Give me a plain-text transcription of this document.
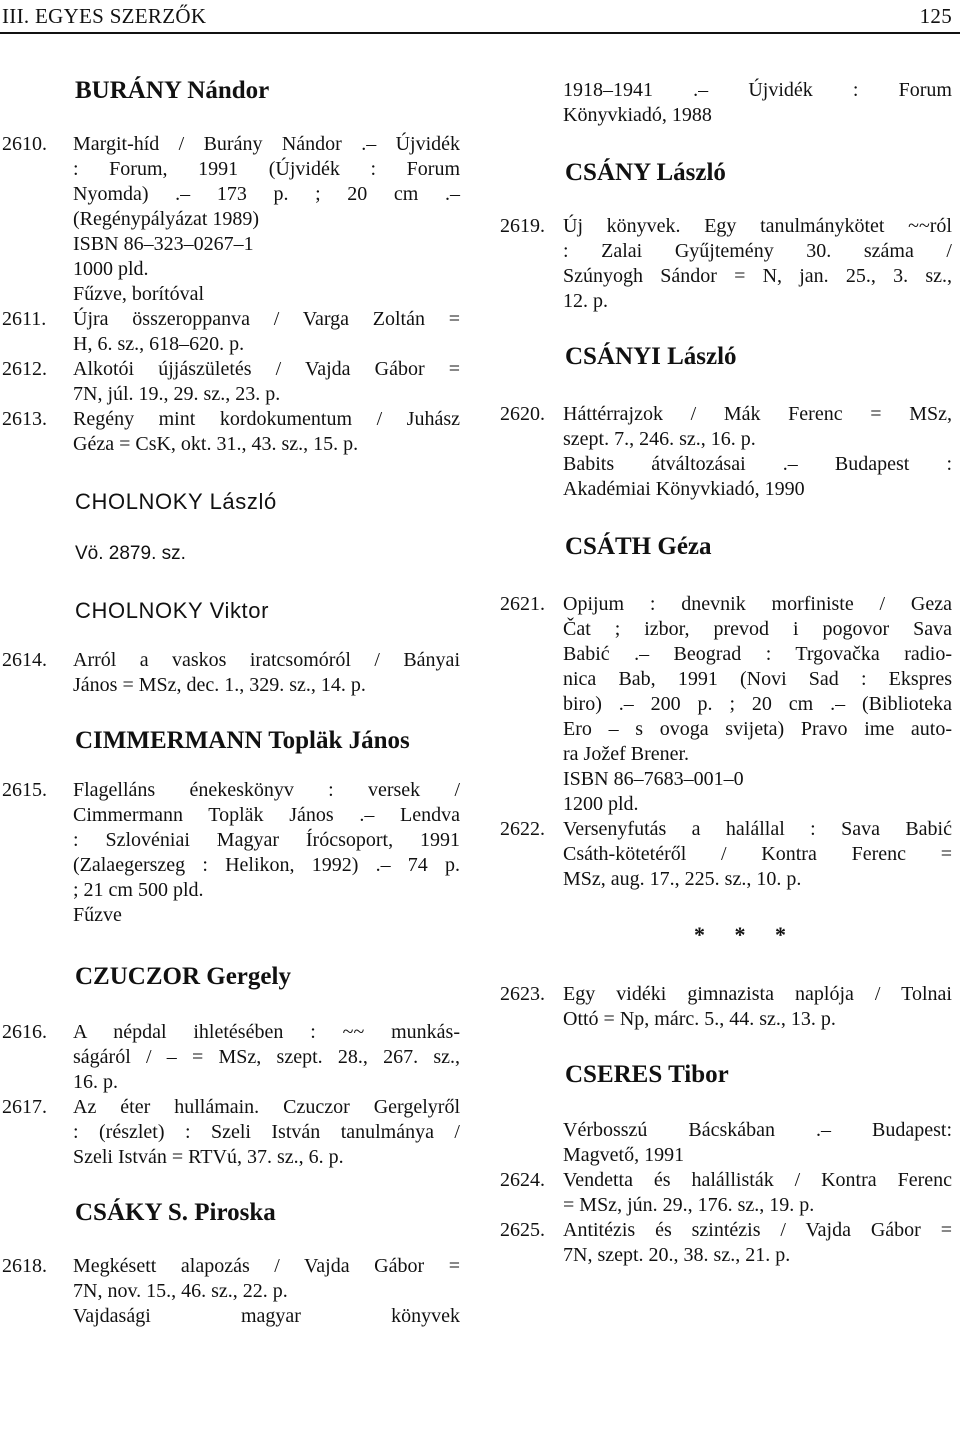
III. EGYES SZERZŐK	125
BURÁNY Nándor
2610. Margit-híd / Burány Nándor .– Újvidék
: Forum, 1991 (Újvidék : Forum
Nyomda) .– 173 p. ; 20 cm .–
(Regénypályázat 1989)
ISBN 86–323–0267–1
1000 pld.
Fűzve, borítóval
2611. Újra összeroppanva / Varga Zoltán =
H, 6. sz., 618–620. p.
2612. Alkotói újjászületés / Vajda Gábor =
7N, júl. 19., 29. sz., 23. p.
2613. Regény mint kordokumentum / Juhász
Géza = CsK, okt. 31., 43. sz., 15. p.
CHOLNOKY László
Vö. 2879. sz.
CHOLNOKY Viktor
2614. Arról a vaskos iratcsomóról / Bányai
János = MSz, dec. 1., 329. sz., 14. p.
CIMMERMANN Topläk János
2615. Flagelláns énekeskönyv : versek /
Cimmermann Topläk János .– Lendva
: Szlovéniai Magyar Írócsoport, 1991
(Zalaegerszeg : Helikon, 1992) .– 74 p.
; 21 cm 500 pld.
Fűzve
CZUCZOR Gergely
2616. A népdal ihletésében : ~~ munkás-
ságáról / – = MSz, szept. 28., 267. sz.,
16. p.
2617. Az éter hullámain. Czuczor Gergelyről
: (részlet) : Szeli István tanulmánya /
Szeli István = RTVú, 37. sz., 6. p.
CSÁKY S. Piroska
2618. Megkésett alapozás / Vajda Gábor =
7N, nov. 15., 46. sz., 22. p.
Vajdasági magyar könyvek
1918–1941 .– Újvidék : Forum
Könyvkiadó, 1988
CSÁNY László
2619. Új könyvek. Egy tanulmánykötet ~~ról
: Zalai Gyűjtemény 30. száma /
Szúnyogh Sándor = N, jan. 25., 3. sz.,
12. p.
CSÁNYI László
2620. Háttérrajzok / Mák Ferenc = MSz,
szept. 7., 246. sz., 16. p.
Babits átváltozásai .– Budapest :
Akadémiai Könyvkiadó, 1990
CSÁTH Géza
2621. Opijum : dnevnik morfiniste / Geza
Čat ; izbor, prevod i pogovor Sava
Babić .– Beograd : Trgovačka radio-
nica Bab, 1991 (Novi Sad : Ekspres
biro) .– 200 p. ; 20 cm .– (Biblioteka
Ero – s ovoga svijeta) Pravo ime auto-
ra Jožef Brener.
ISBN 86–7683–001–0
1200 pld.
2622. Versenyfutás a halállal : Sava Babić
Csáth-kötetéről / Kontra Ferenc =
MSz, aug. 17., 225. sz., 10. p.
* * *
2623. Egy vidéki gimnazista naplója / Tolnai
Ottó = Np, márc. 5., 44. sz., 13. p.
CSERES Tibor
Vérbosszú Bácskában .– Budapest:
Magvető, 1991
2624. Vendetta és halállisták / Kontra Ferenc
= MSz, jún. 29., 176. sz., 19. p.
2625. Antitézis és szintézis / Vajda Gábor =
7N, szept. 20., 38. sz., 21. p.
